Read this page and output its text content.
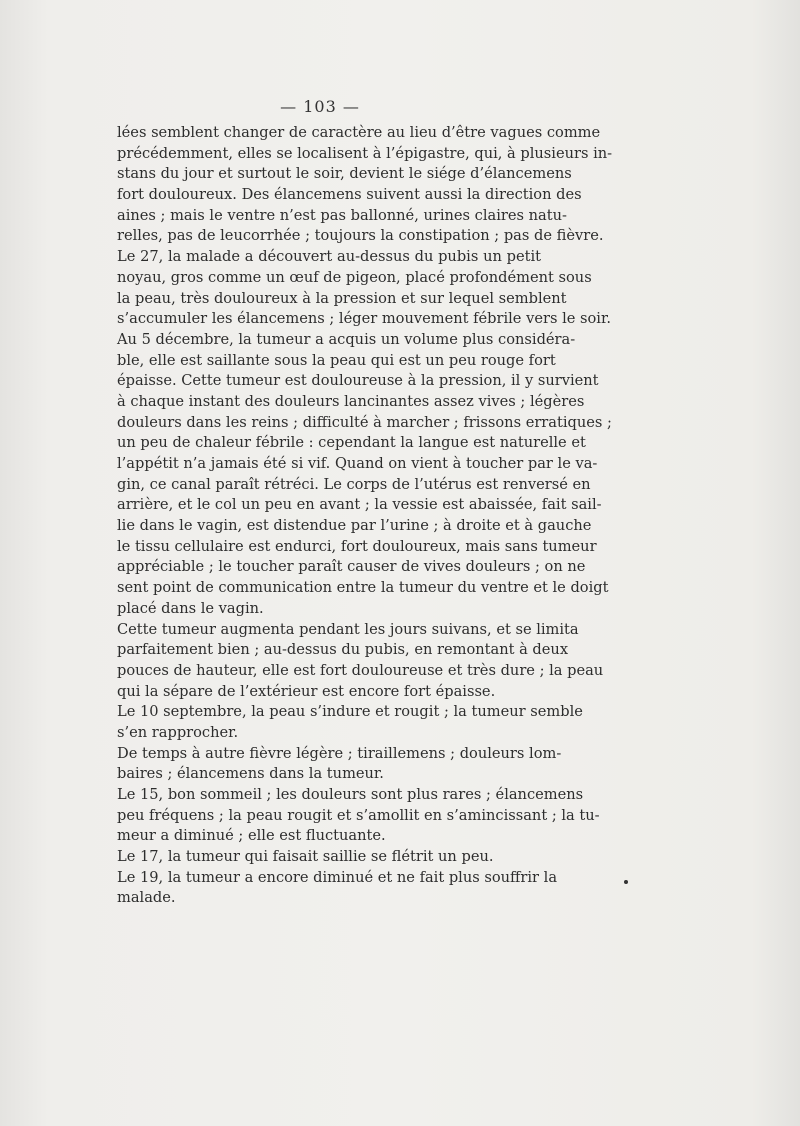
— 103 —
lées semblent changer de caractère au lieu d’être vagues comme
précédemment, elles se localisent à l’épigastre, qui, à plusieurs in-
stans du jour et surtout le soir, devient le siége d’élancemens
fort douloureux. Des élancemens suivent aussi la direction des
aines ; mais le ventre n’est pas ballonné, urines claires natu-
relles, pas de leucorrhée ; toujours la constipation ; pas de fièvre.
Le 27, la malade a découvert au-dessus du pubis un petit
noyau, gros comme un œuf de pigeon, placé profondément sous
la peau, très douloureux à la pression et sur lequel semblent
s’accumuler les élancemens ; léger mouvement fébrile vers le soir.
Au 5 décembre, la tumeur a acquis un volume plus considéra-
ble, elle est saillante sous la peau qui est un peu rouge fort
épaisse. Cette tumeur est douloureuse à la pression, il y survient
à chaque instant des douleurs lancinantes assez vives ; légères
douleurs dans les reins ; difficulté à marcher ; frissons erratiques ;
un peu de chaleur fébrile : cependant la langue est naturelle et
l’appétit n’a jamais été si vif. Quand on vient à toucher par le va-
gin, ce canal paraît rétréci. Le corps de l’utérus est renversé en
arrière, et le col un peu en avant ; la vessie est abaissée, fait sail-
lie dans le vagin, est distendue par l’urine ; à droite et à gauche
le tissu cellulaire est endurci, fort douloureux, mais sans tumeur
appréciable ; le toucher paraît causer de vives douleurs ; on ne
sent point de communication entre la tumeur du ventre et le doigt
placé dans le vagin.
Cette tumeur augmenta pendant les jours suivans, et se limita
parfaitement bien ; au-dessus du pubis, en remontant à deux
pouces de hauteur, elle est fort douloureuse et très dure ; la peau
qui la sépare de l’extérieur est encore fort épaisse.
Le 10 septembre, la peau s’indure et rougit ; la tumeur semble
s’en rapprocher.
De temps à autre fièvre légère ; tiraillemens ; douleurs lom-
baires ; élancemens dans la tumeur.
Le 15, bon sommeil ; les douleurs sont plus rares ; élancemens
peu fréquens ; la peau rougit et s’amollit en s’amincissant ; la tu-
meur a diminué ; elle est fluctuante.
Le 17, la tumeur qui faisait saillie se flétrit un peu.
Le 19, la tumeur a encore diminué et ne fait plus souffrir la
malade.
